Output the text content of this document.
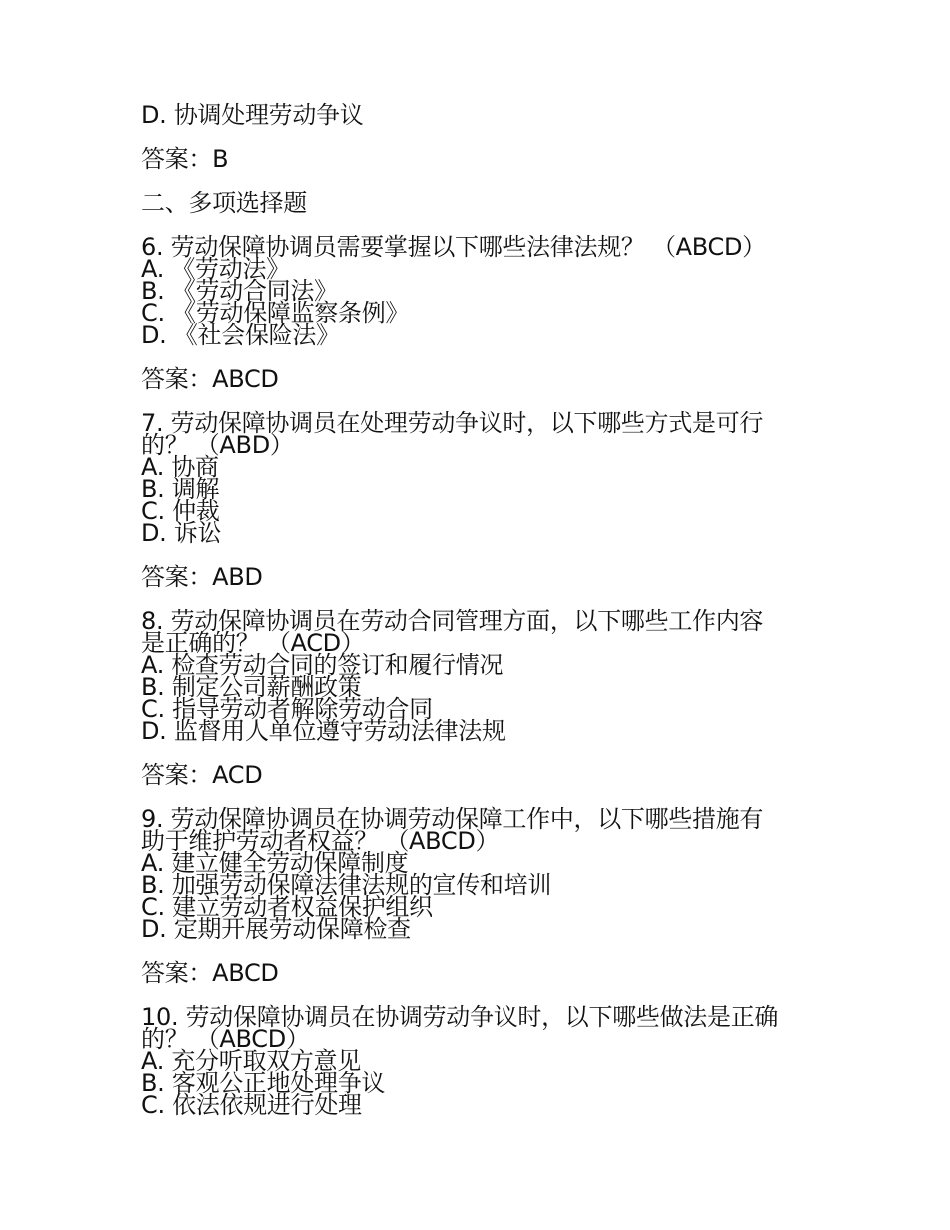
D. 协调处理劳动争议
答案：B
二、多项选择题
6. 劳动保障协调员需要掌握以下哪些法律法规？ （ABCD）
A. 《劳动法》
B. 《劳动合同法》
C. 《劳动保障监察条例》
D. 《社会保险法》
答案：ABCD
7. 劳动保障协调员在处理劳动争议时，以下哪些方式是可行
的？ （ABD）
A. 协商
B. 调解
C. 仲裁
D. 诉讼
答案：ABD
8. 劳动保障协调员在劳动合同管理方面，以下哪些工作内容
是正确的？ （ACD）
A. 检查劳动合同的签订和履行情况
B. 制定公司薪酬政策
C. 指导劳动者解除劳动合同
D. 监督用人单位遵守劳动法律法规
答案：ACD
9. 劳动保障协调员在协调劳动保障工作中，以下哪些措施有
助于维护劳动者权益？ （ABCD）
A. 建立健全劳动保障制度
B. 加强劳动保障法律法规的宣传和培训
C. 建立劳动者权益保护组织
D. 定期开展劳动保障检查
答案：ABCD
10. 劳动保障协调员在协调劳动争议时，以下哪些做法是正确
的？ （ABCD）
A. 充分听取双方意见
B. 客观公正地处理争议
C. 依法依规进行处理
